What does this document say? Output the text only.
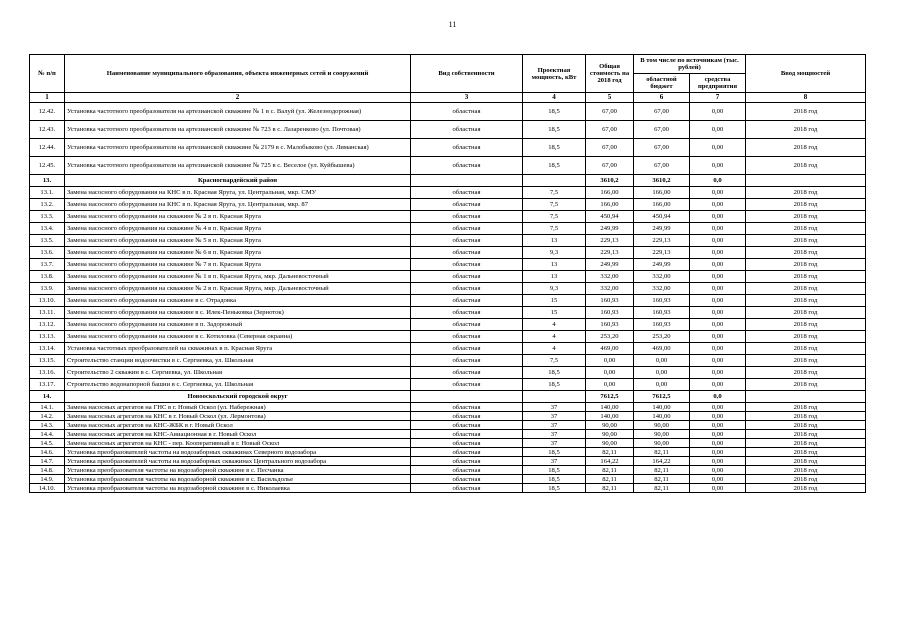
11
№ п/п	Наименование муниципального образования, объекта инженерных сетей и сооружений	Вид собственности	Проектная мощность, кВт	Общая стоимость на 2018 год	В том числе по источникам (тыс. рублей)		Ввод мощностей
					областной бюджет	средства предприятия	
1	2	3	4	5	6	7	8
12.42.	Установка частотного преобразователя на артезианской скважине № 1 в с. Валуй (ул. Железнодорожная)	областная	18,5	67,00	67,00	0,00	2018 год
12.43.	Установка частотного преобразователя на артезианской скважине № 723 в с. Лазаренково (ул. Почтовая)	областная	18,5	67,00	67,00	0,00	2018 год
12.44.	Установка частотного преобразователя на артезианской скважине № 2179 в с. Малобыково (ул. Лиманская)	областная	18,5	67,00	67,00	0,00	2018 год
12.45.	Установка частотного преобразователя на артезианской скважине № 725 в с. Веселое (ул. Куйбышева)	областная	18,5	67,00	67,00	0,00	2018 год
13.	Красногвардейский район			3610,2	3610,2	0,0	
13.1.	Замена насосного оборудования на КНС в п. Красная Яруга, ул. Центральная, мкр. СМУ	областная	7,5	166,00	166,00	0,00	2018 год
13.2.	Замена насосного оборудования на КНС в п. Красная Яруга, ул. Центральная, мкр. 87	областная	7,5	166,00	166,00	0,00	2018 год
13.3.	Замена насосного оборудования на скважине № 2 в п. Красная Яруга	областная	7,5	450,94	450,94	0,00	2018 год
13.4.	Замена насосного оборудования на скважине № 4 в п. Красная Яруга	областная	7,5	249,99	249,99	0,00	2018 год
13.5.	Замена насосного оборудования на скважине № 5 в п. Красная Яруга	областная	13	229,13	229,13	0,00	2018 год
13.6.	Замена насосного оборудования на скважине № 6 в п. Красная Яруга	областная	9,3	229,13	229,13	0,00	2018 год
13.7.	Замена насосного оборудования на скважине № 7 в п. Красная Яруга	областная	13	249,99	249,99	0,00	2018 год
13.8.	Замена насосного оборудования на скважине № 1 в п. Красная Яруга, мкр. Дальневосточный	областная	13	332,00	332,00	0,00	2018 год
13.9.	Замена насосного оборудования на скважине № 2 в п. Красная Яруга, мкр. Дальневосточный	областная	9,3	332,00	332,00	0,00	2018 год
13.10.	Замена насосного оборудования на скважине в с. Отрадовка	областная	15	160,93	160,93	0,00	2018 год
13.11.	Замена насосного оборудования на скважине в с. Илек-Пеньковка (Зерноток)	областная	15	160,93	160,93	0,00	2018 год
13.12.	Замена насосного оборудования на скважине в п. Задорожный	областная	4	160,93	160,93	0,00	2018 год
13.13.	Замена насосного оборудования на скважине в с. Котиловка (Северная окраина)	областная	4	253,20	253,20	0,00	2018 год
13.14.	Установка частотных преобразователей на скважинах в п. Красная Яруга	областная	4	469,00	469,00	0,00	2018 год
13.15.	Строительство станции водоочистки в с. Сергиевка, ул. Школьная	областная	7,5	0,00	0,00	0,00	2018 год
13.16.	Строительство 2 скважин в с. Сергиевка, ул. Школьная	областная	18,5	0,00	0,00	0,00	2018 год
13.17.	Строительство водонапорной башни в с. Сергиевка, ул. Школьная	областная	18,5	0,00	0,00	0,00	2018 год
14.	Новооскольский городской округ			7612,5	7612,5	0,0	
14.1.	Замена насосных агрегатов на ГНС в г. Новый Оскол (ул. Набережная)	областная	37	140,00	140,00	0,00	2018 год
14.2.	Замена насосных агрегатов на КНС в г. Новый Оскол (ул. Лермонтова)	областная	37	140,00	140,00	0,00	2018 год
14.3.	Замена насосных агрегатов на КНС-ЖБК в г. Новый Оскол	областная	37	90,00	90,00	0,00	2018 год
14.4.	Замена насосных агрегатов на КНС-Авиационная в г. Новый Оскол	областная	37	90,00	90,00	0,00	2018 год
14.5.	Замена насосных агрегатов на КНС - пер. Кооперативный в г. Новый Оскол	областная	37	90,00	90,00	0,00	2018 год
14.6.	Установка преобразователей частоты на водозаборных скважинах Северного водозабора	областная	18,5	82,11	82,11	0,00	2018 год
14.7.	Установка преобразователей частоты на водозаборных скважинах Центрального водозабора	областная	37	164,22	164,22	0,00	2018 год
14.8.	Установка преобразователя частоты на водозаборной скважине в с. Песчанка	областная	18,5	82,11	82,11	0,00	2018 год
14.9.	Установка преобразователя частоты на водозаборной скважине в с. Васильдолье	областная	18,5	82,11	82,11	0,00	2018 год
14.10.	Установка преобразователя частоты на водозаборной скважине в с. Николаевка	областная	18,5	82,11	82,11	0,00	2018 год
